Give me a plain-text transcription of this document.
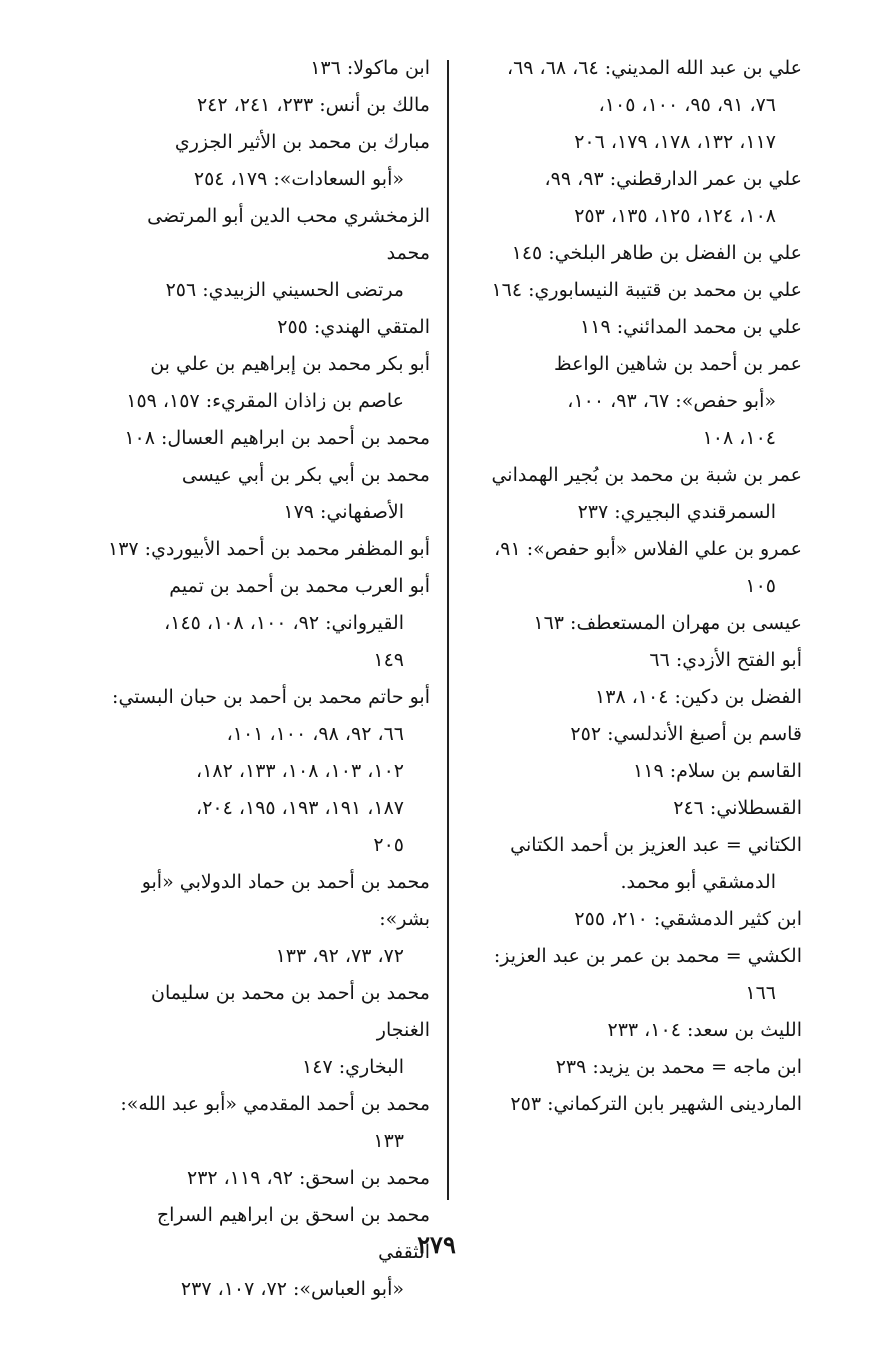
علي بن عبد الله المديني: ٦٤، ٦٨، ٦٩،
٧٦، ٩١، ٩٥، ١٠٠، ١٠٥،
١١٧، ١٣٢، ١٧٨، ١٧٩، ٢٠٦
علي بن عمر الدارقطني: ٩٣، ٩٩،
١٠٨، ١٢٤، ١٢٥، ١٣٥، ٢٥٣
علي بن الفضل بن طاهر البلخي: ١٤٥
علي بن محمد بن قتيبة النيسابوري: ١٦٤
علي بن محمد المدائني: ١١٩
عمر بن أحمد بن شاهين الواعظ
«أبو حفص»: ٦٧، ٩٣، ١٠٠،
١٠٤، ١٠٨
عمر بن شبة بن محمد بن بُجير الهمداني
السمرقندي البجيري: ٢٣٧
عمرو بن علي الفلاس «أبو حفص»: ٩١،
١٠٥
عيسى بن مهران المستعطف: ١٦٣
أبو الفتح الأزدي: ٦٦
الفضل بن دكين: ١٠٤، ١٣٨
قاسم بن أصبغ الأندلسي: ٢٥٢
القاسم بن سلام: ١١٩
القسطلاني: ٢٤٦
الكتاني = عبد العزيز بن أحمد الكتاني
الدمشقي أبو محمد.
ابن كثير الدمشقي: ٢١٠، ٢٥٥
الكشي = محمد بن عمر بن عبد العزيز:
١٦٦
الليث بن سعد: ١٠٤، ٢٣٣
ابن ماجه = محمد بن يزيد: ٢٣٩
الماردينى الشهير بابن التركماني: ٢٥٣
ابن ماكولا: ١٣٦
مالك بن أنس: ٢٣٣، ٢٤١، ٢٤٢
مبارك بن محمد بن الأثير الجزري
«أبو السعادات»: ١٧٩، ٢٥٤
الزمخشري محب الدين أبو المرتضى محمد
مرتضى الحسيني الزبيدي: ٢٥٦
المتقي الهندي: ٢٥٥
أبو بكر محمد بن إبراهيم بن علي بن
عاصم بن زاذان المقريء: ١٥٧، ١٥٩
محمد بن أحمد بن ابراهيم العسال: ١٠٨
محمد بن أبي بكر بن أبي عيسى
الأصفهاني: ١٧٩
أبو المظفر محمد بن أحمد الأبيوردي: ١٣٧
أبو العرب محمد بن أحمد بن تميم
القيرواني: ٩٢، ١٠٠، ١٠٨، ١٤٥،
١٤٩
أبو حاتم محمد بن أحمد بن حبان البستي:
٦٦، ٩٢، ٩٨، ١٠٠، ١٠١،
١٠٢، ١٠٣، ١٠٨، ١٣٣، ١٨٢،
١٨٧، ١٩١، ١٩٣، ١٩٥، ٢٠٤،
٢٠٥
محمد بن أحمد بن حماد الدولابي «أبو بشر»:
٧٢، ٧٣، ٩٢، ١٣٣
محمد بن أحمد بن محمد بن سليمان الغنجار
البخاري: ١٤٧
محمد بن أحمد المقدمي «أبو عبد الله»:
١٣٣
محمد بن اسحق: ٩٢، ١١٩، ٢٣٢
محمد بن اسحق بن ابراهيم السراج الثقفي
«أبو العباس»: ٧٢، ١٠٧، ٢٣٧
٢٧٩
